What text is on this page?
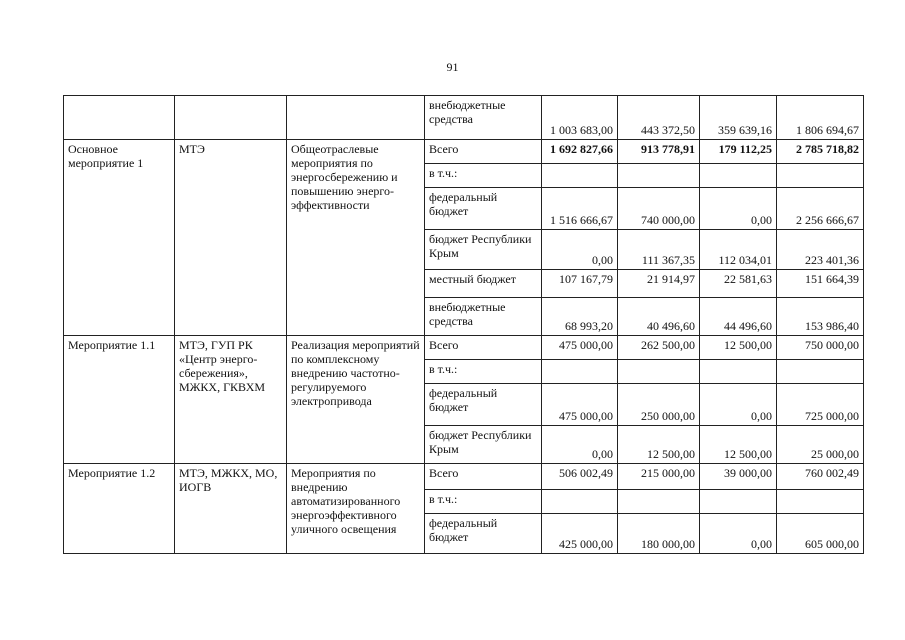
91
			внебюджетные средства	1 003 683,00	443 372,50	359 639,16	1 806 694,67
Основное мероприятие 1	МТЭ	Общеотраслевые мероприятия по энергосбережению и повышению энерго-эффективности	Всего	1 692 827,66	913 778,91	179 112,25	2 785 718,82
			в т.ч.:				
			федеральный бюджет	1 516 666,67	740 000,00	0,00	2 256 666,67
			бюджет Республики Крым	0,00	111 367,35	112 034,01	223 401,36
			местный бюджет	107 167,79	21 914,97	22 581,63	151 664,39
			внебюджетные средства	68 993,20	40 496,60	44 496,60	153 986,40
Мероприятие 1.1	МТЭ, ГУП РК «Центр энерго-сбережения», МЖКХ, ГКВХМ	Реализация мероприятий по комплексному внедрению частотно-регулируемого электропривода	Всего	475 000,00	262 500,00	12 500,00	750 000,00
			в т.ч.:				
			федеральный бюджет	475 000,00	250 000,00	0,00	725 000,00
			бюджет Республики Крым	0,00	12 500,00	12 500,00	25 000,00
Мероприятие 1.2	МТЭ, МЖКХ, МО, ИОГВ	Мероприятия по внедрению автоматизированного энергоэффективного уличного освещения	Всего	506 002,49	215 000,00	39 000,00	760 002,49
			в т.ч.:				
			федеральный бюджет	425 000,00	180 000,00	0,00	605 000,00
